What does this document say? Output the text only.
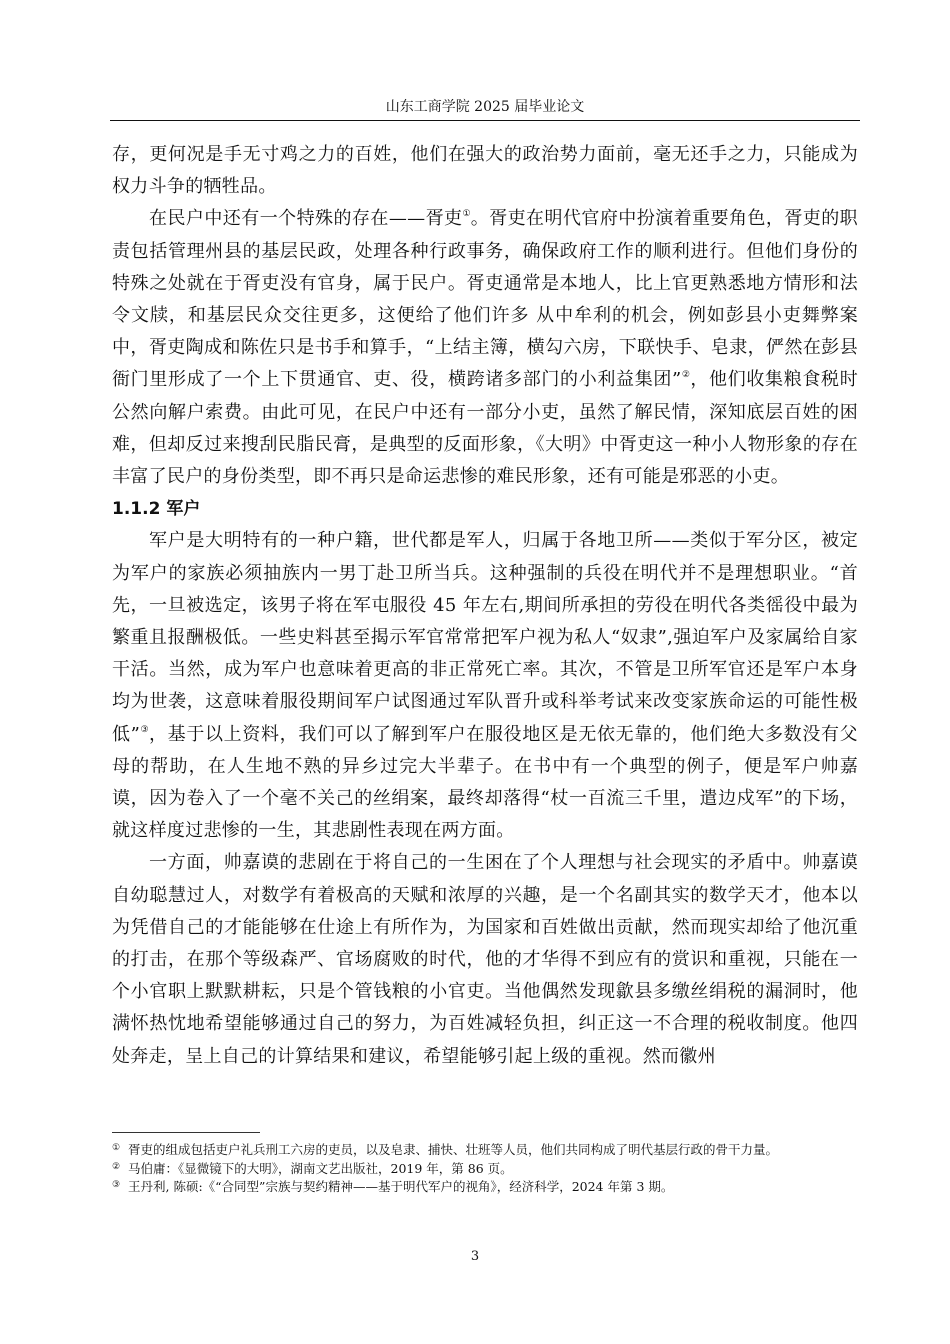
山东工商学院 2025 届毕业论文

存，更何况是手无寸鸡之力的百姓，他们在强大的政治势力面前，毫无还手之力，只能成为权力斗争的牺牲品。

在民户中还有一个特殊的存在——胥吏①。胥吏在明代官府中扮演着重要角色，胥吏的职责包括管理州县的基层民政，处理各种行政事务，确保政府工作的顺利进行。但他们身份的特殊之处就在于胥吏没有官身，属于民户。胥吏通常是本地人，比上官更熟悉地方情形和法令文牍，和基层民众交往更多，这便给了他们许多 从中牟利的机会，例如彭县小吏舞弊案中，胥吏陶成和陈佐只是书手和算手，“上结主簿，横勾六房，下联快手、皂隶，俨然在彭县衙门里形成了一个上下贯通官、吏、役，横跨诸多部门的小利益集团”②，他们收集粮食税时公然向解户索费。由此可见，在民户中还有一部分小吏，虽然了解民情，深知底层百姓的困难，但却反过来搜刮民脂民膏，是典型的反面形象，《大明》中胥吏这一种小人物形象的存在丰富了民户的身份类型，即不再只是命运悲惨的难民形象，还有可能是邪恶的小吏。

1.1.2 军户

军户是大明特有的一种户籍，世代都是军人，归属于各地卫所——类似于军分区，被定为军户的家族必须抽族内一男丁赴卫所当兵。这种强制的兵役在明代并不是理想职业。“首先，一旦被选定，该男子将在军屯服役 45 年左右,期间所承担的劳役在明代各类徭役中最为繁重且报酬极低。一些史料甚至揭示军官常常把军户视为私人“奴隶”,强迫军户及家属给自家干活。当然，成为军户也意味着更高的非正常死亡率。其次，不管是卫所军官还是军户本身均为世袭，这意味着服役期间军户试图通过军队晋升或科举考试来改变家族命运的可能性极低”③，基于以上资料，我们可以了解到军户在服役地区是无依无靠的，他们绝大多数没有父母的帮助，在人生地不熟的异乡过完大半辈子。在书中有一个典型的例子，便是军户帅嘉谟，因为卷入了一个毫不关己的丝绢案，最终却落得“杖一百流三千里，遣边戍军”的下场，就这样度过悲惨的一生，其悲剧性表现在两方面。

一方面，帅嘉谟的悲剧在于将自己的一生困在了个人理想与社会现实的矛盾中。帅嘉谟自幼聪慧过人，对数学有着极高的天赋和浓厚的兴趣，是一个名副其实的数学天才，他本以为凭借自己的才能能够在仕途上有所作为，为国家和百姓做出贡献，然而现实却给了他沉重的打击，在那个等级森严、官场腐败的时代，他的才华得不到应有的赏识和重视，只能在一个小官职上默默耕耘，只是个管钱粮的小官吏。当他偶然发现歙县多缴丝绢税的漏洞时，他满怀热忱地希望能够通过自己的努力，为百姓减轻负担，纠正这一不合理的税收制度。他四处奔走，呈上自己的计算结果和建议，希望能够引起上级的重视。然而徽州

① 胥吏的组成包括吏户礼兵刑工六房的吏员，以及皂隶、捕快、壮班等人员，他们共同构成了明代基层行政的骨干力量。

② 马伯庸：《显微镜下的大明》，湖南文艺出版社，2019 年，第 86 页。

③ 王丹利, 陈硕:《“合同型”宗族与契约精神——基于明代军户的视角》，经济科学，2024 年第 3 期。

3
